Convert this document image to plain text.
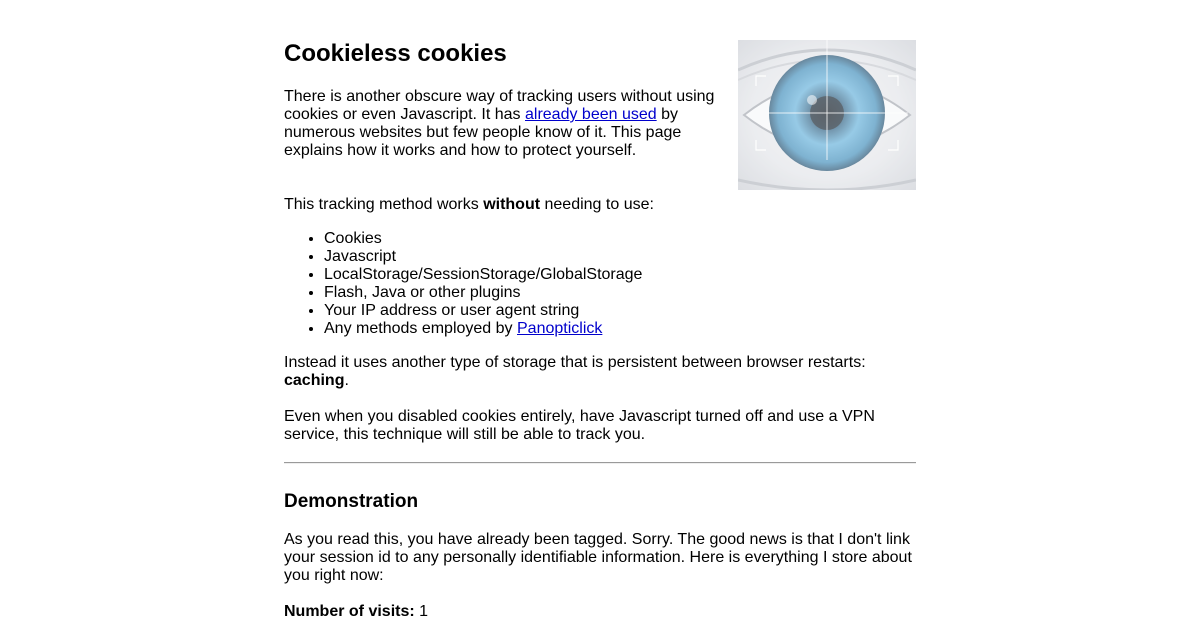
Cookieless cookies

There is another obscure way of tracking users without using cookies or even Javascript. It has already been used by numerous websites but few people know of it. This page explains how it works and how to protect yourself.

This tracking method works without needing to use:

• Cookies
• Javascript
• LocalStorage/SessionStorage/GlobalStorage
• Flash, Java or other plugins
• Your IP address or user agent string
• Any methods employed by Panopticlick

Instead it uses another type of storage that is persistent between browser restarts: caching.

Even when you disabled cookies entirely, have Javascript turned off and use a VPN service, this technique will still be able to track you.

Demonstration

As you read this, you have already been tagged. Sorry. The good news is that I don't link your session id to any personally identifiable information. Here is everything I store about you right now:

Number of visits: 1
